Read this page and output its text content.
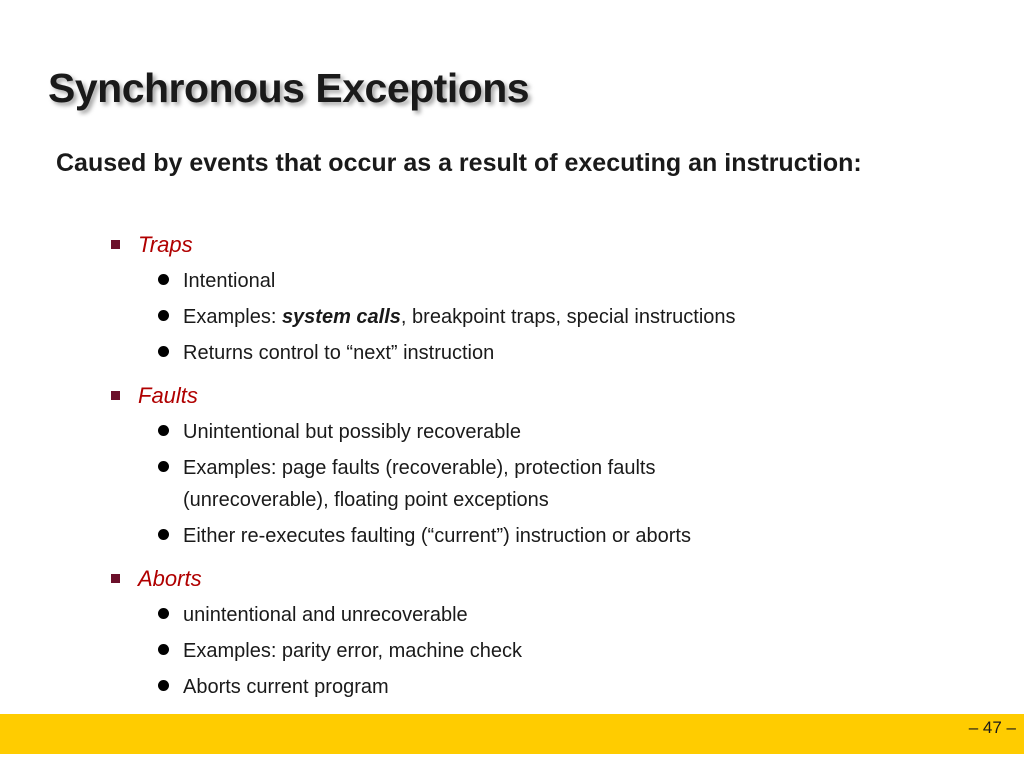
Synchronous Exceptions

Caused by events that occur as a result of executing an instruction:

Traps
Intentional
Examples: system calls, breakpoint traps, special instructions
Returns control to “next” instruction
Faults
Unintentional but possibly recoverable
Examples: page faults (recoverable), protection faults (unrecoverable), floating point exceptions
Either re-executes faulting (“current”) instruction or aborts
Aborts
unintentional and unrecoverable
Examples: parity error, machine check
Aborts current program
– 47 –
